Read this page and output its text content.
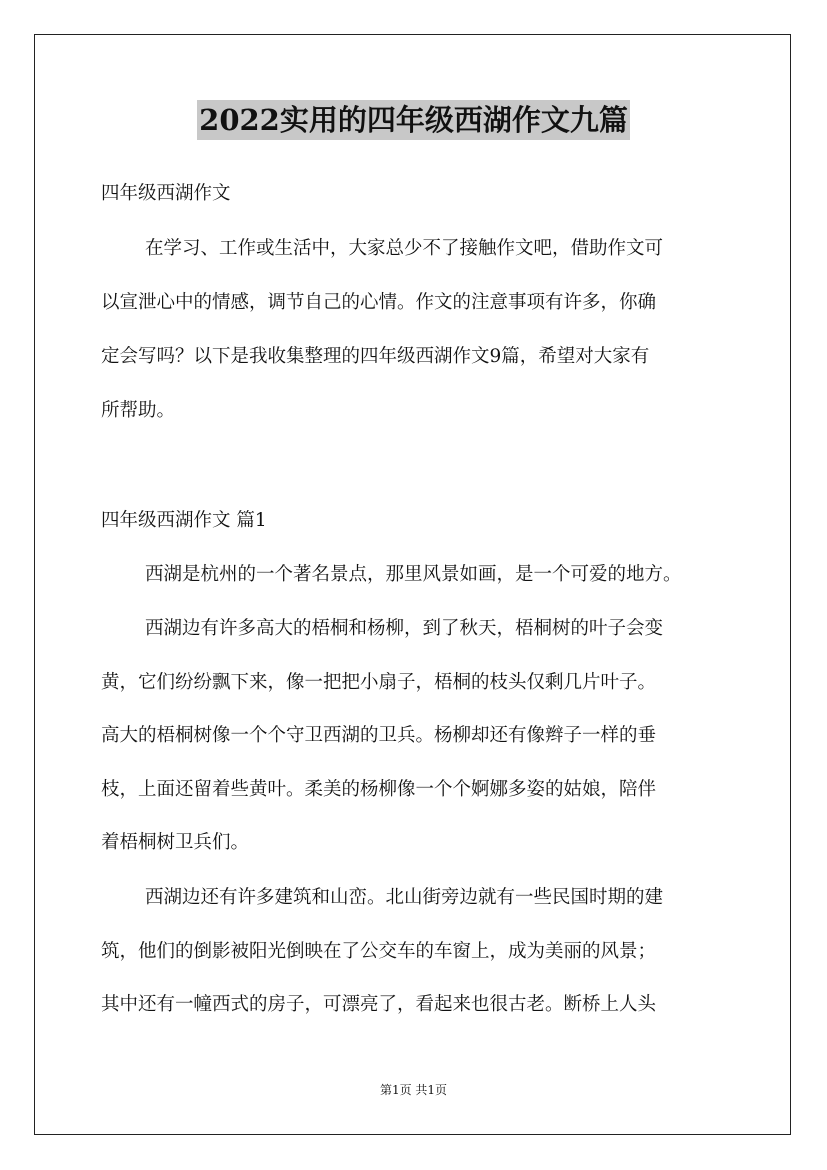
2022实用的四年级西湖作文九篇
四年级西湖作文
在学习、工作或生活中，大家总少不了接触作文吧，借助作文可
以宣泄心中的情感，调节自己的心情。作文的注意事项有许多，你确
定会写吗？以下是我收集整理的四年级西湖作文9篇，希望对大家有
所帮助。
四年级西湖作文 篇1
西湖是杭州的一个著名景点，那里风景如画，是一个可爱的地方。
西湖边有许多高大的梧桐和杨柳，到了秋天，梧桐树的叶子会变
黄，它们纷纷飘下来，像一把把小扇子，梧桐的枝头仅剩几片叶子。
高大的梧桐树像一个个守卫西湖的卫兵。杨柳却还有像辫子一样的垂
枝，上面还留着些黄叶。柔美的杨柳像一个个婀娜多姿的姑娘，陪伴
着梧桐树卫兵们。
西湖边还有许多建筑和山峦。北山街旁边就有一些民国时期的建
筑，他们的倒影被阳光倒映在了公交车的车窗上，成为美丽的风景；
其中还有一幢西式的房子，可漂亮了，看起来也很古老。断桥上人头
第1页 共1页
